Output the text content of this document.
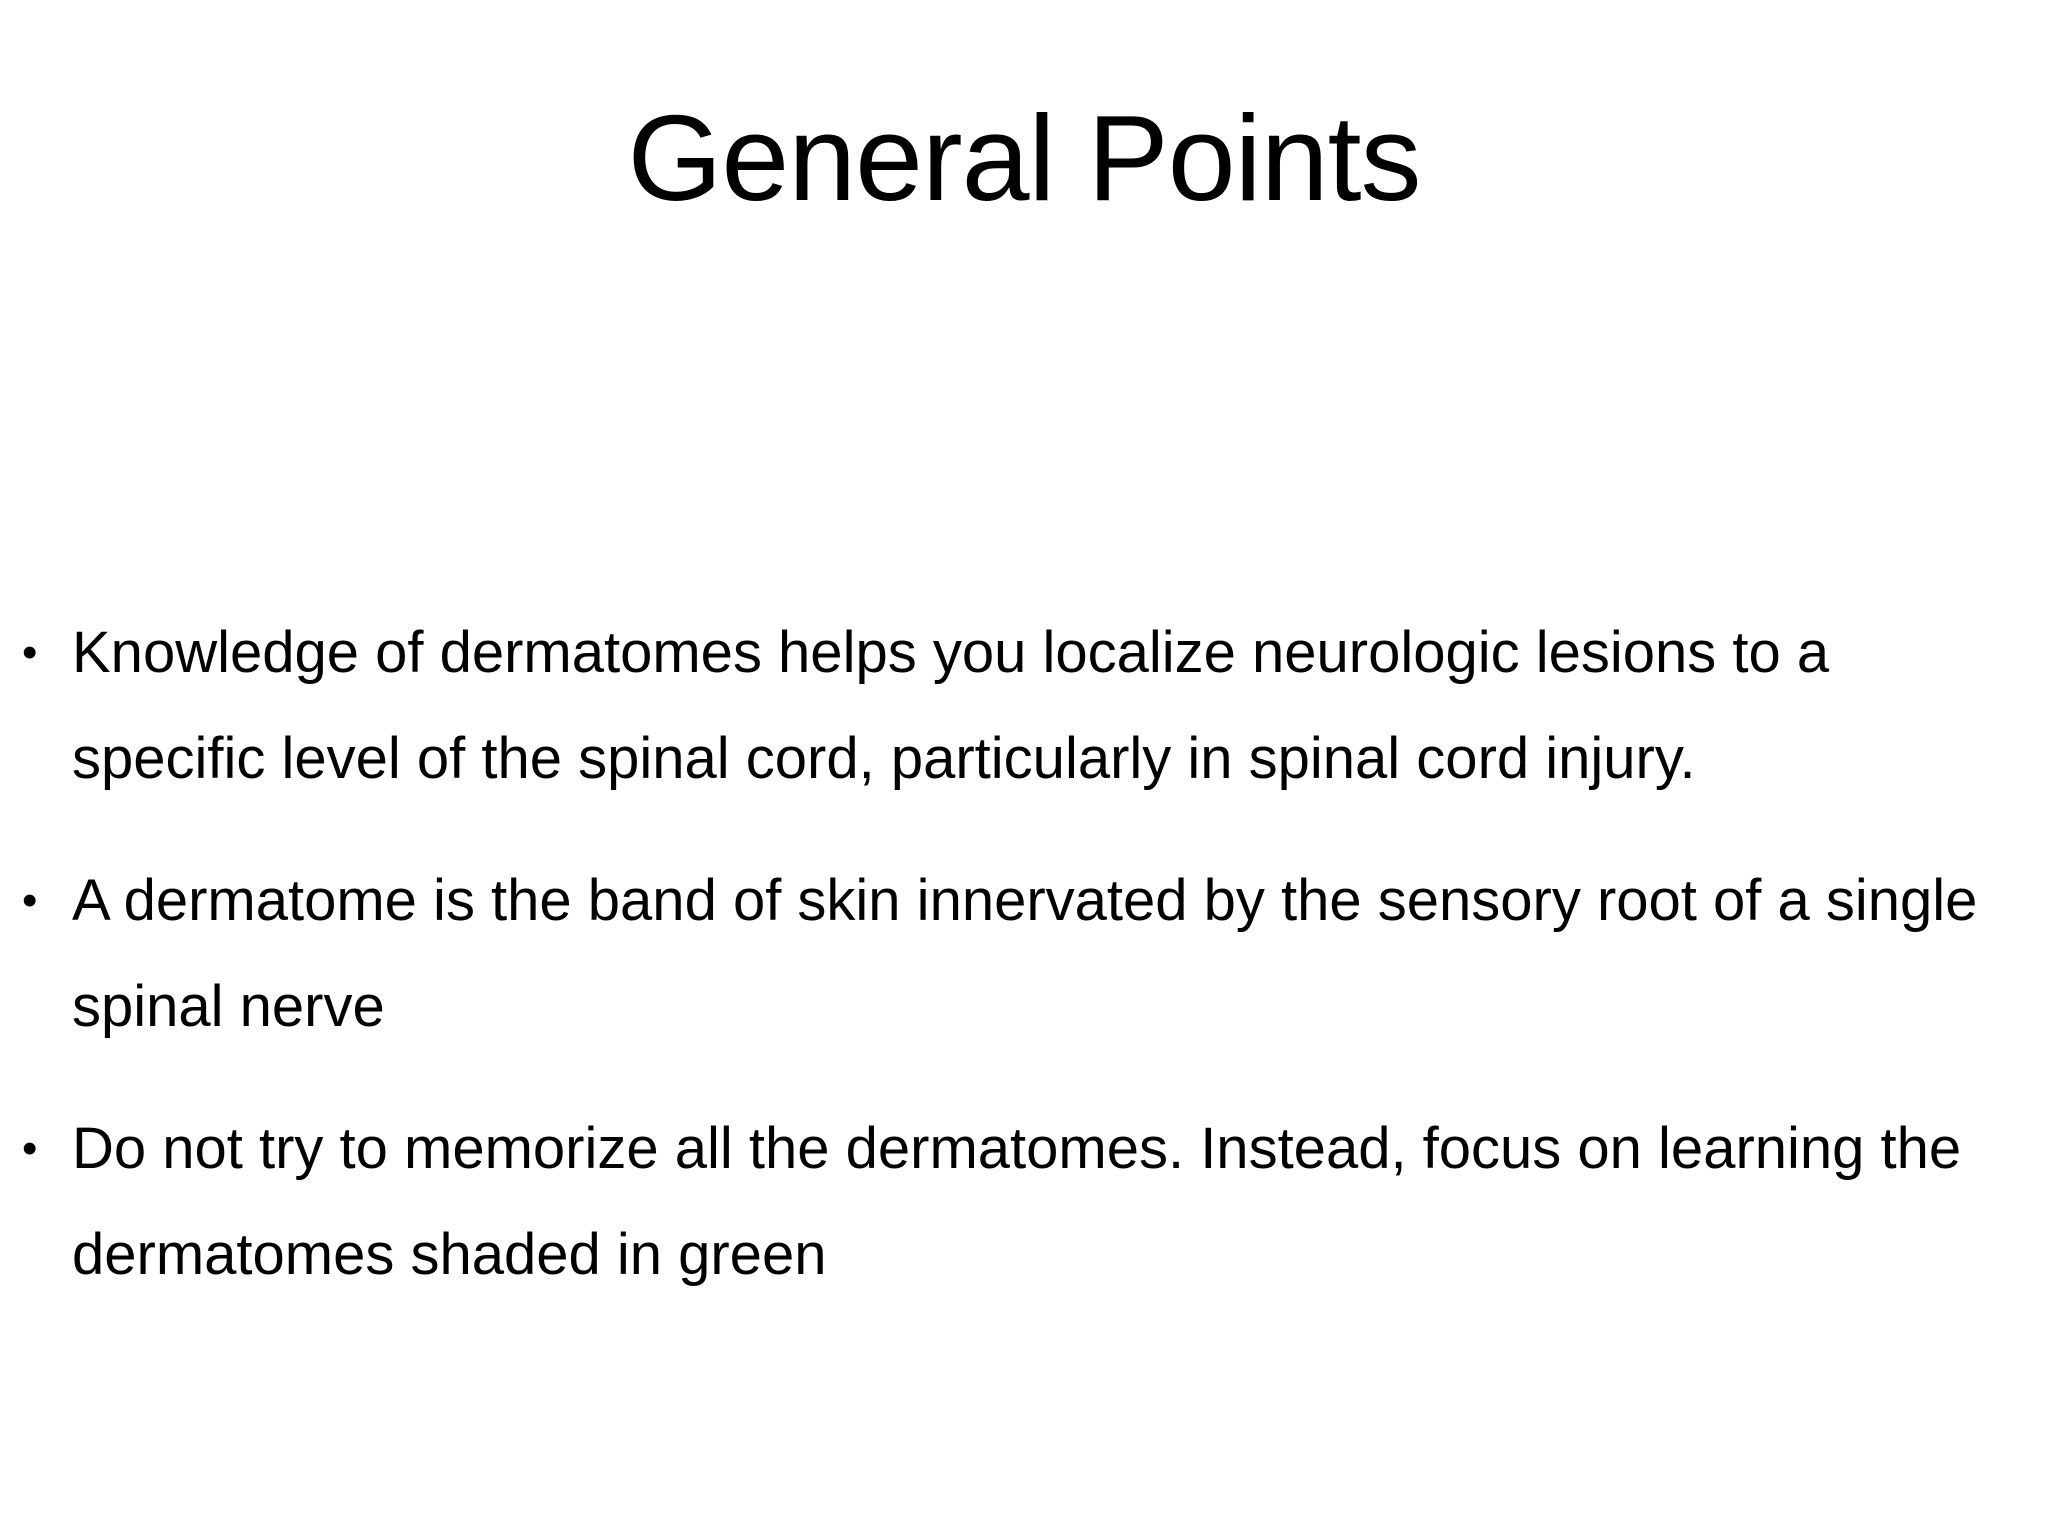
General Points
• Knowledge of dermatomes helps you localize neurologic lesions to a specific level of the spinal cord, particularly in spinal cord injury.
• A dermatome is the band of skin innervated by the sensory root of a single spinal nerve
• Do not try to memorize all the dermatomes. Instead, focus on learning the dermatomes shaded in green
